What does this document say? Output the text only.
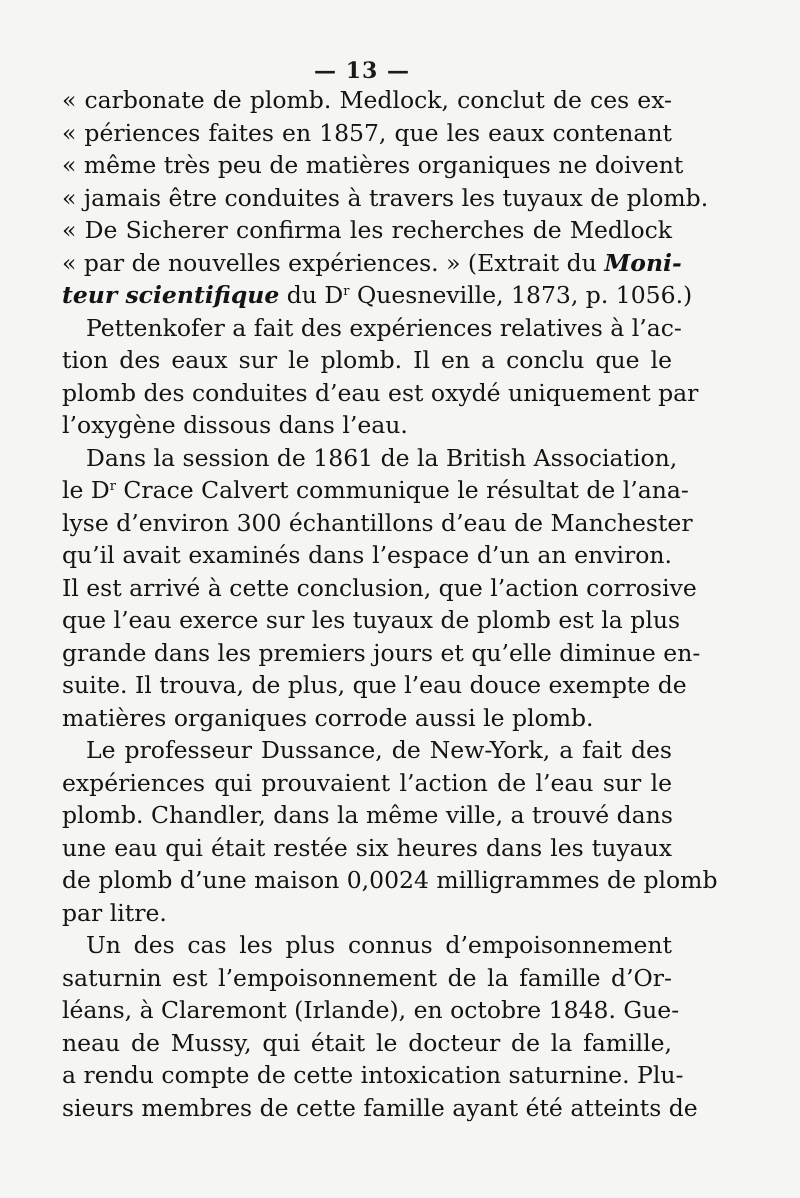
— 13 —
« carbonate de plomb. Medlock, conclut de ces ex-
« périences faites en 1857, que les eaux contenant
« même très peu de matières organiques ne doivent
« jamais être conduites à travers les tuyaux de plomb.
« De Sicherer confirma les recherches de Medlock
« par de nouvelles expériences. » (Extrait du Moni-
teur scientifique du $D^r$ Quesneville, 1873, p. 1056.)
Pettenkofer a fait des expériences relatives à l’ac-
tion des eaux sur le plomb. Il en a conclu que le
plomb des conduites d’eau est oxydé uniquement par
l’oxygène dissous dans l’eau.
Dans la session de 1861 de la British Association,
le $D^r$ Crace Calvert communique le résultat de l’ana-
lyse d’environ 300 échantillons d’eau de Manchester
qu’il avait examinés dans l’espace d’un an environ.
Il est arrivé à cette conclusion, que l’action corrosive
que l’eau exerce sur les tuyaux de plomb est la plus
grande dans les premiers jours et qu’elle diminue en-
suite. Il trouva, de plus, que l’eau douce exempte de
matières organiques corrode aussi le plomb.
Le professeur Dussance, de New-York, a fait des
expériences qui prouvaient l’action de l’eau sur le
plomb. Chandler, dans la même ville, a trouvé dans
une eau qui était restée six heures dans les tuyaux
de plomb d’une maison 0,0024 milligrammes de plomb
par litre.
Un des cas les plus connus d’empoisonnement
saturnin est l’empoisonnement de la famille d’Or-
léans, à Claremont (Irlande), en octobre 1848. Gue-
neau de Mussy, qui était le docteur de la famille,
a rendu compte de cette intoxication saturnine. Plu-
sieurs membres de cette famille ayant été atteints de
